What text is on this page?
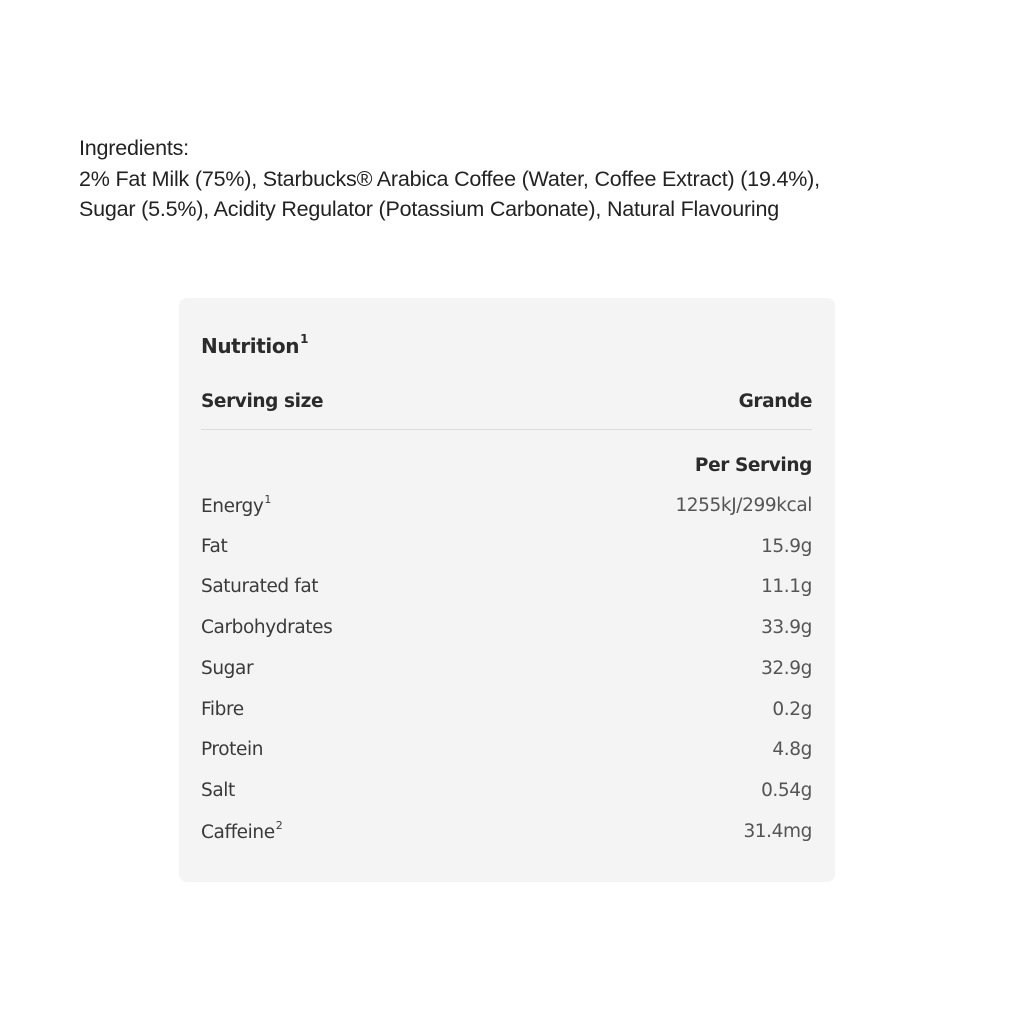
Ingredients:
2% Fat Milk (75%), Starbucks® Arabica Coffee (Water, Coffee Extract) (19.4%),
Sugar (5.5%), Acidity Regulator (Potassium Carbonate), Natural Flavouring
Nutrition$^1$
Serving size	Grande
Per Serving
Energy$^1$	1255kJ/299kcal
Fat	15.9g
Saturated fat	11.1g
Carbohydrates	33.9g
Sugar	32.9g
Fibre	0.2g
Protein	4.8g
Salt	0.54g
Caffeine$^2$	31.4mg
